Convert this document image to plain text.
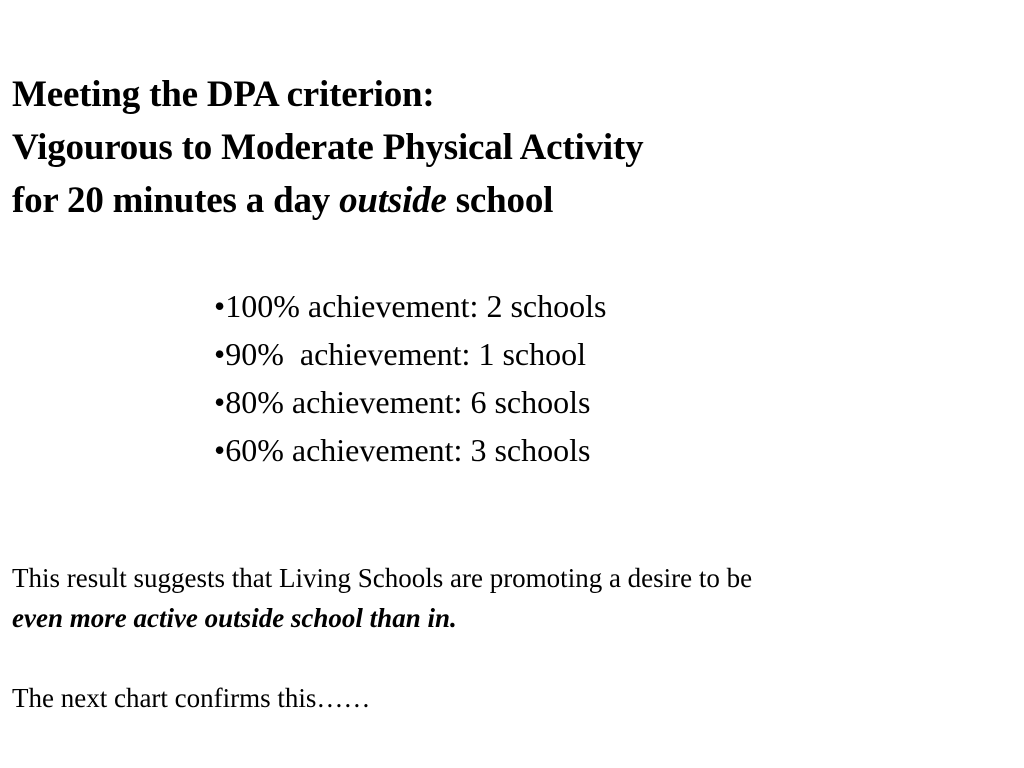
Meeting the DPA criterion:
Vigourous to Moderate Physical Activity
for 20 minutes a day outside school
•100% achievement: 2 schools
•90%  achievement: 1 school
•80% achievement: 6 schools
•60% achievement: 3 schools

This result suggests that Living Schools are promoting a desire to be
even more active outside school than in.

The next chart confirms this……
